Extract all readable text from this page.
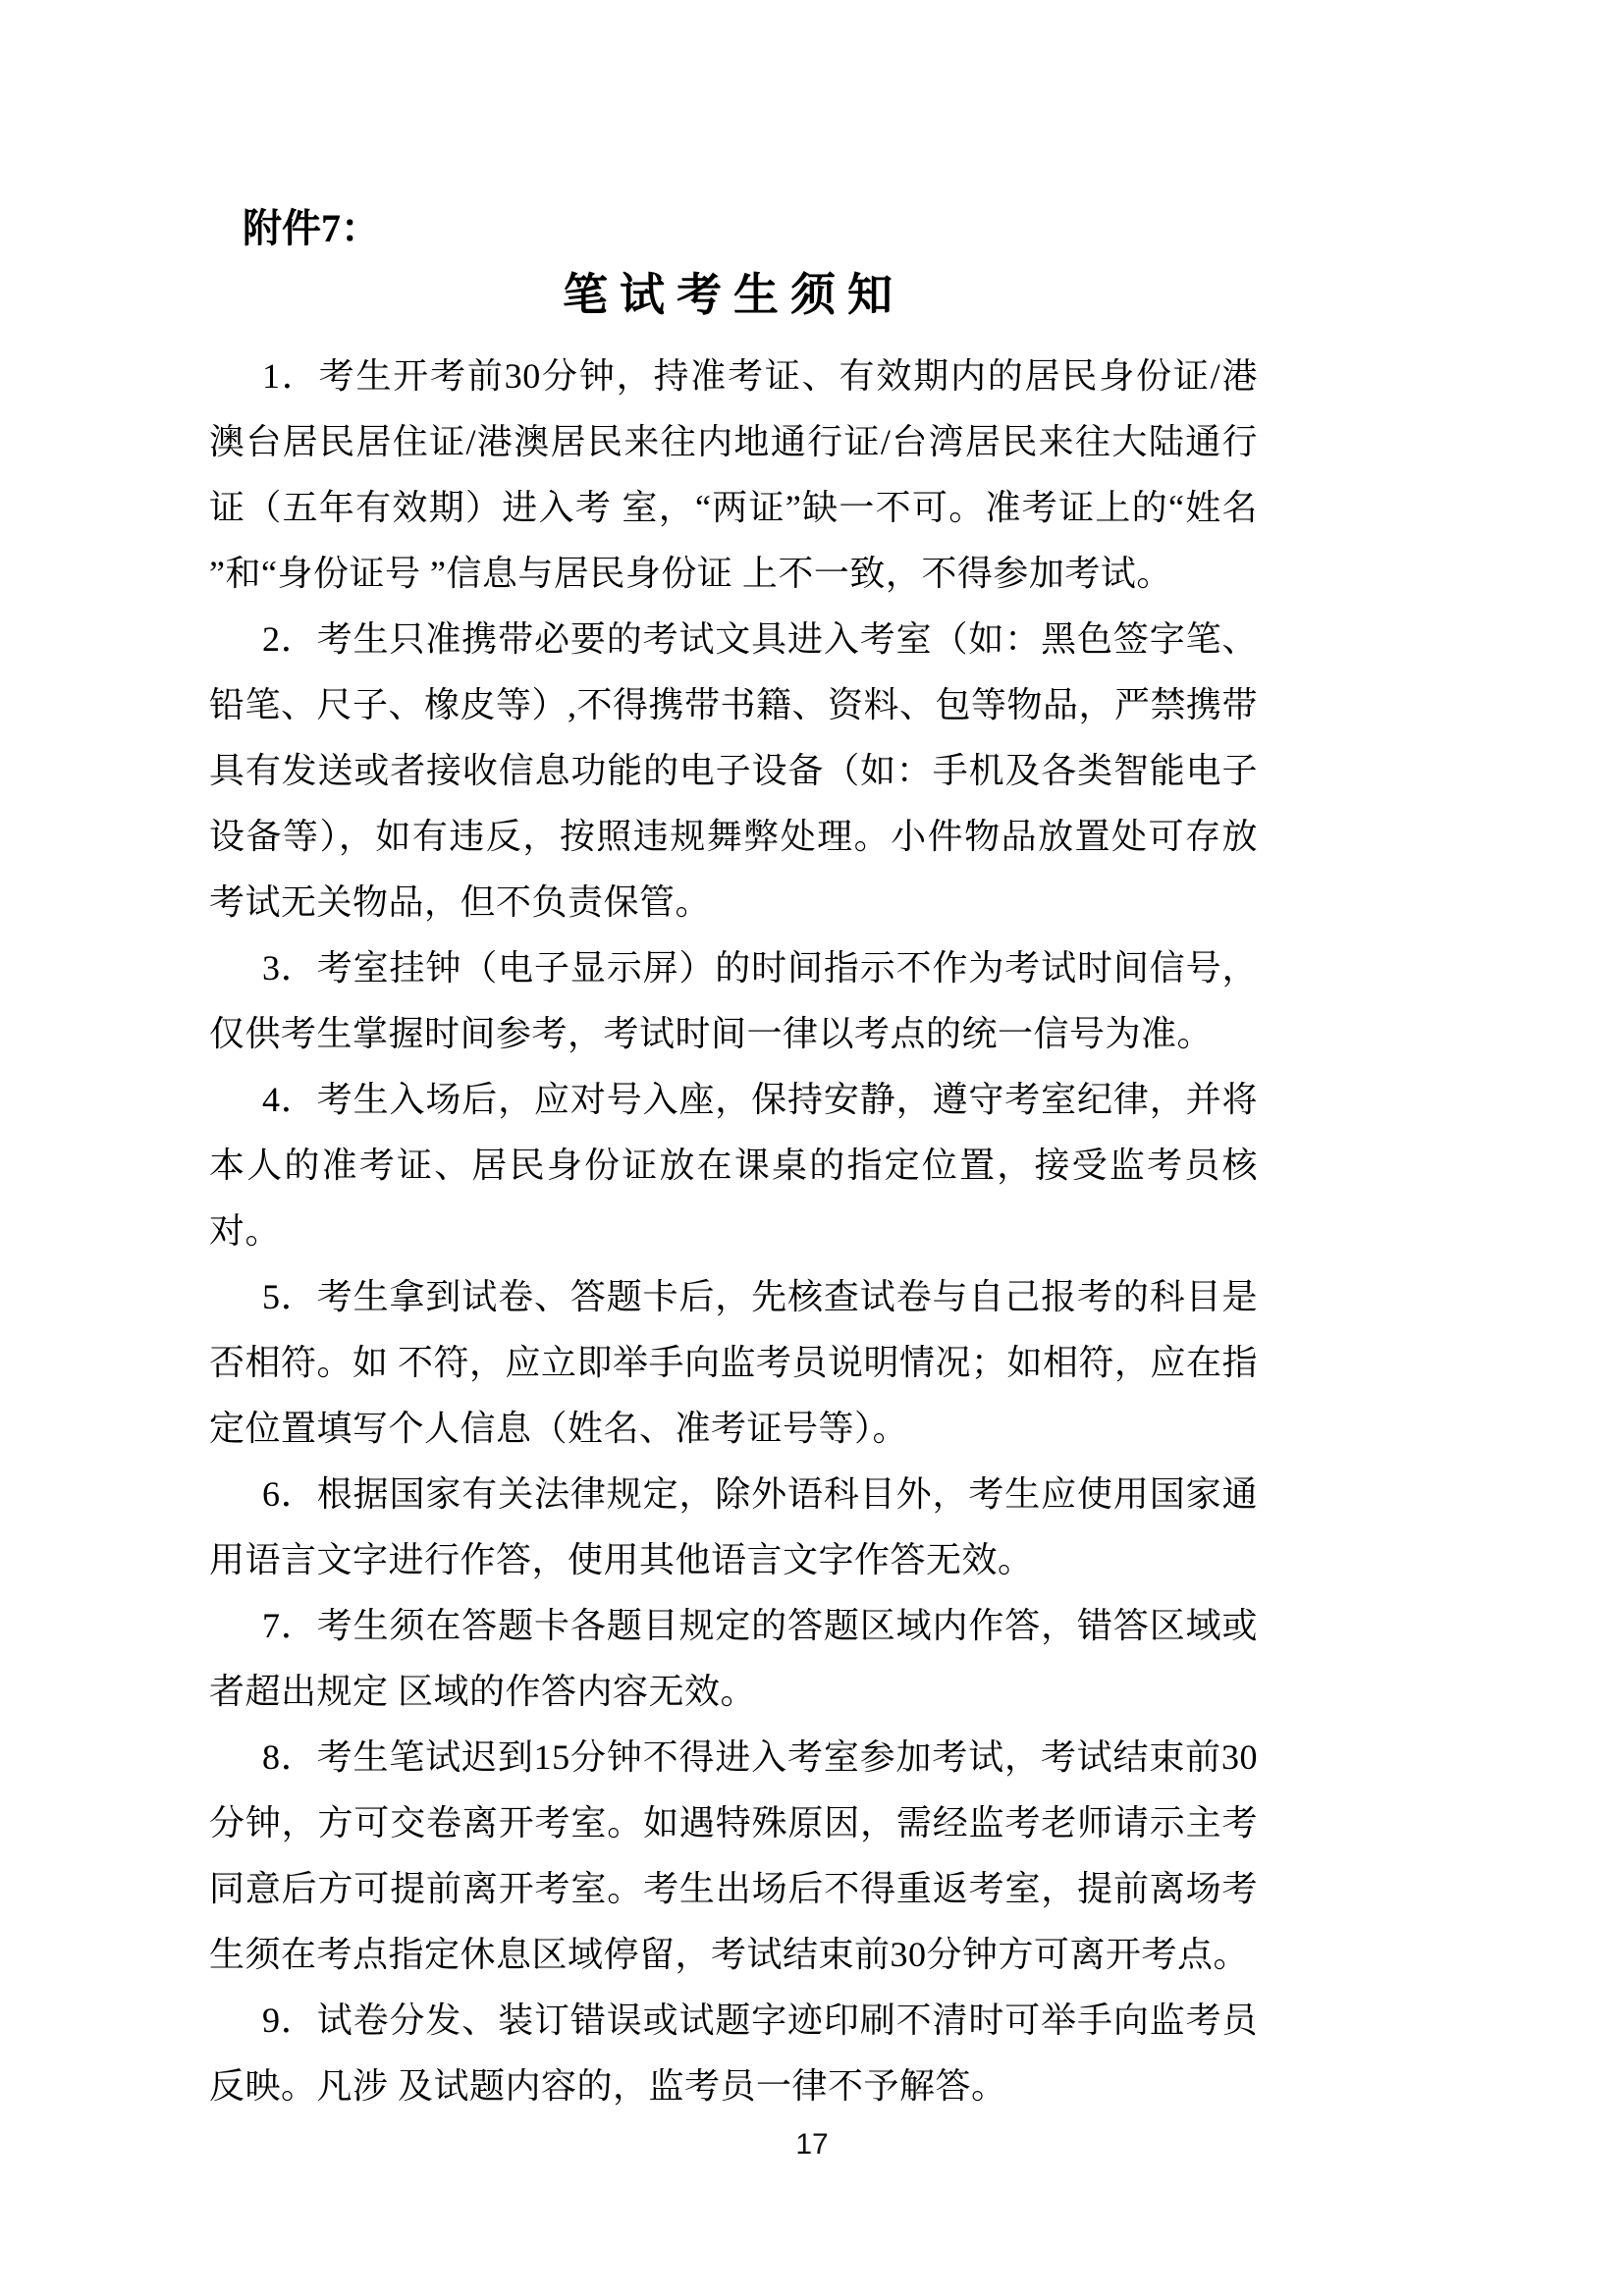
附件7：
笔试考生须知
1．考生开考前30分钟，持准考证、有效期内的居民身份证/港澳台居民居住证/港澳居民来往内地通行证/台湾居民来往大陆通行证（五年有效期）进入考 室，“两证”缺一不可。准考证上的“姓名 ”和“身份证号 ”信息与居民身份证 上不一致，不得参加考试。
2．考生只准携带必要的考试文具进入考室（如：黑色签字笔、铅笔、尺子、橡皮等）,不得携带书籍、资料、包等物品，严禁携带具有发送或者接收信息功能的电子设备（如：手机及各类智能电子设备等），如有违反，按照违规舞弊处理。小件物品放置处可存放考试无关物品，但不负责保管。
3．考室挂钟（电子显示屏）的时间指示不作为考试时间信号，仅供考生掌握时间参考，考试时间一律以考点的统一信号为准。
4．考生入场后，应对号入座，保持安静，遵守考室纪律，并将本人的准考证、居民身份证放在课桌的指定位置，接受监考员核对。
5．考生拿到试卷、答题卡后，先核查试卷与自己报考的科目是否相符。如 不符，应立即举手向监考员说明情况；如相符，应在指定位置填写个人信息（姓名、准考证号等）。
6．根据国家有关法律规定，除外语科目外，考生应使用国家通用语言文字进行作答，使用其他语言文字作答无效。
7．考生须在答题卡各题目规定的答题区域内作答，错答区域或者超出规定 区域的作答内容无效。
8．考生笔试迟到15分钟不得进入考室参加考试，考试结束前30分钟，方可交卷离开考室。如遇特殊原因，需经监考老师请示主考同意后方可提前离开考室。考生出场后不得重返考室，提前离场考生须在考点指定休息区域停留，考试结束前30分钟方可离开考点。
9．试卷分发、装订错误或试题字迹印刷不清时可举手向监考员反映。凡涉 及试题内容的，监考员一律不予解答。
17
